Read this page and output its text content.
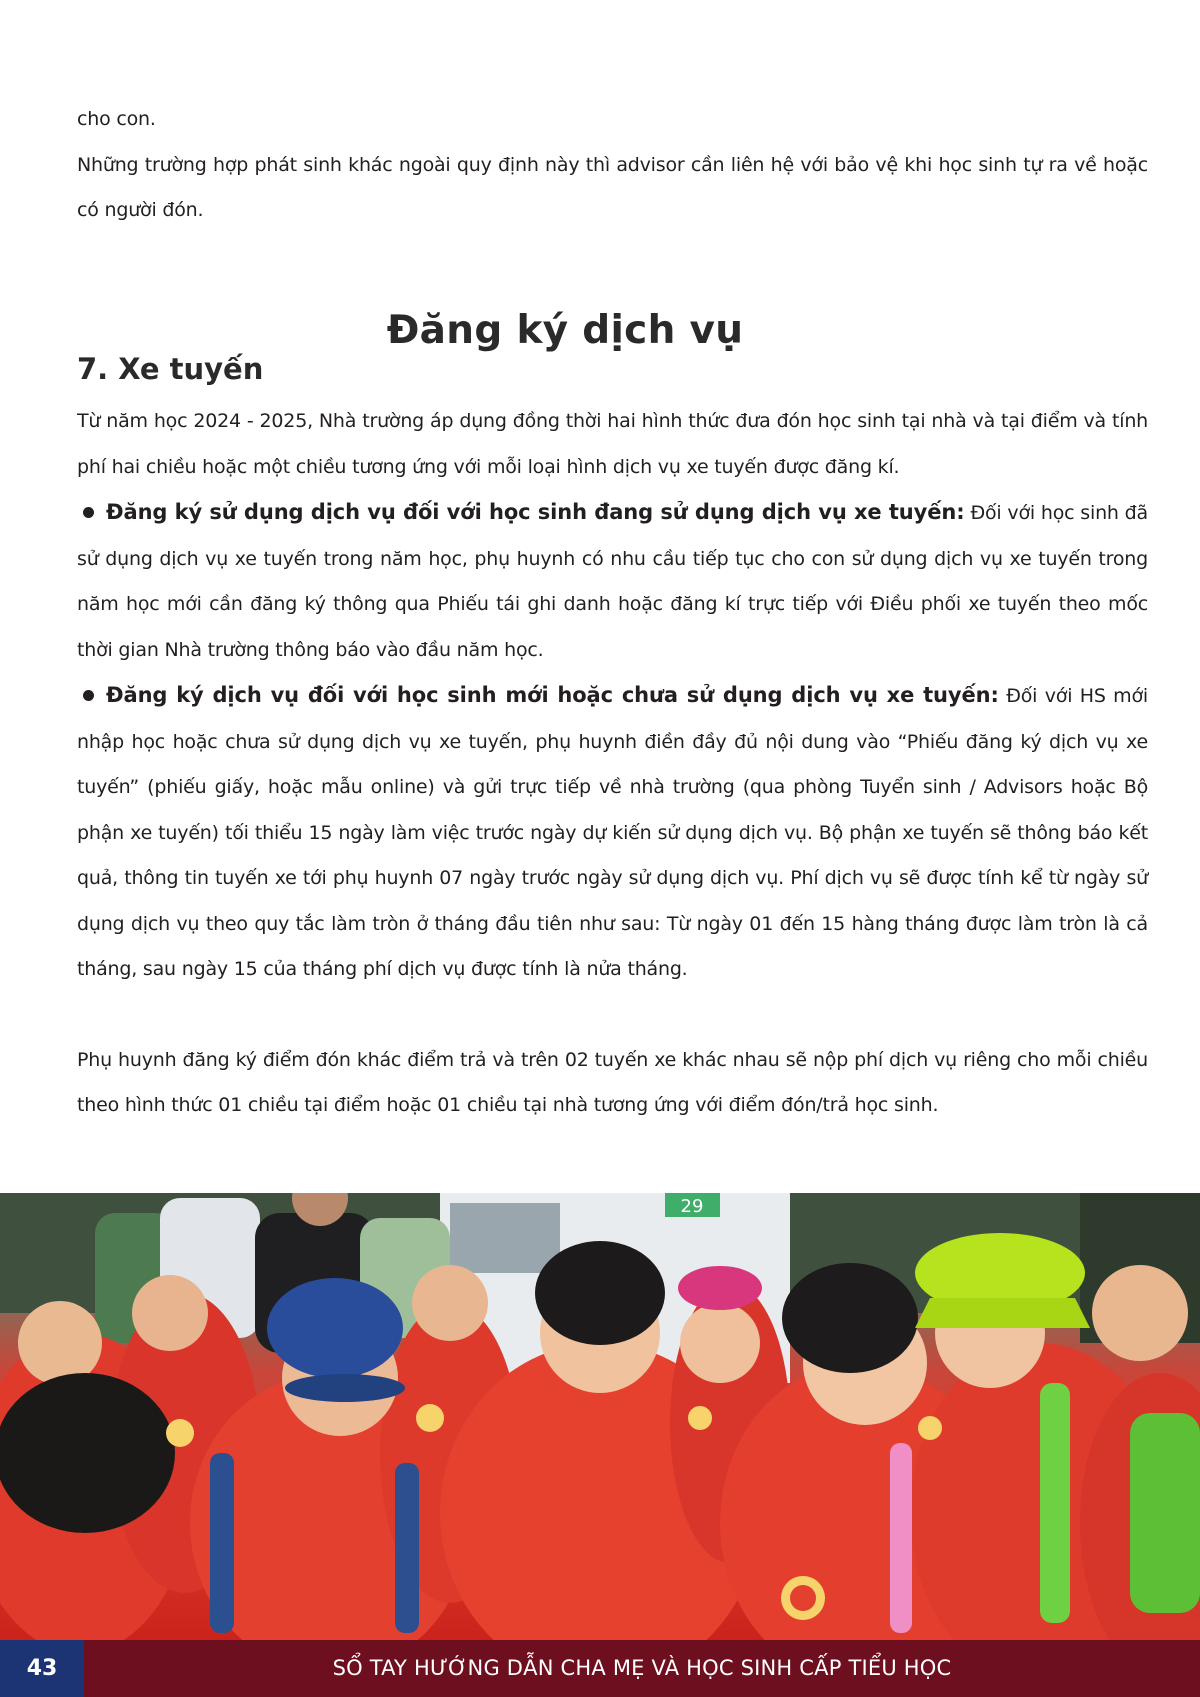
cho con.

Những trường hợp phát sinh khác ngoài quy định này thì advisor cần liên hệ với bảo vệ khi học sinh tự ra về hoặc có người đón.

Đăng ký dịch vụ
7. Xe tuyến

Từ năm học 2024 - 2025, Nhà trường áp dụng đồng thời hai hình thức đưa đón học sinh tại nhà và tại điểm và tính phí hai chiều hoặc một chiều tương ứng với mỗi loại hình dịch vụ xe tuyến được đăng kí.

Đăng ký sử dụng dịch vụ đối với học sinh đang sử dụng dịch vụ xe tuyến: Đối với học sinh đã sử dụng dịch vụ xe tuyến trong năm học, phụ huynh có nhu cầu tiếp tục cho con sử dụng dịch vụ xe tuyến trong năm học mới cần đăng ký thông qua Phiếu tái ghi danh hoặc đăng kí trực tiếp với Điều phối xe tuyến theo mốc thời gian Nhà trường thông báo vào đầu năm học.

Đăng ký dịch vụ đối với học sinh mới hoặc chưa sử dụng dịch vụ xe tuyến: Đối với HS mới nhập học hoặc chưa sử dụng dịch vụ xe tuyến, phụ huynh điền đầy đủ nội dung vào “Phiếu đăng ký dịch vụ xe tuyến” (phiếu giấy, hoặc mẫu online) và gửi trực tiếp về nhà trường (qua phòng Tuyển sinh / Advisors hoặc Bộ phận xe tuyến) tối thiểu 15 ngày làm việc trước ngày dự kiến sử dụng dịch vụ. Bộ phận xe tuyến sẽ thông báo kết quả, thông tin tuyến xe tới phụ huynh 07 ngày trước ngày sử dụng dịch vụ. Phí dịch vụ sẽ được tính kể từ ngày sử dụng dịch vụ theo quy tắc làm tròn ở tháng đầu tiên như sau: Từ ngày 01 đến 15 hàng tháng được làm tròn là cả tháng, sau ngày 15 của tháng phí dịch vụ được tính là nửa tháng.

Phụ huynh đăng ký điểm đón khác điểm trả và trên 02 tuyến xe khác nhau sẽ nộp phí dịch vụ riêng cho mỗi chiều theo hình thức 01 chiều tại điểm hoặc 01 chiều tại nhà tương ứng với điểm đón/trả học sinh.

29
43	SỔ TAY HƯỚNG DẪN CHA MẸ VÀ HỌC SINH CẤP TIỂU HỌC
